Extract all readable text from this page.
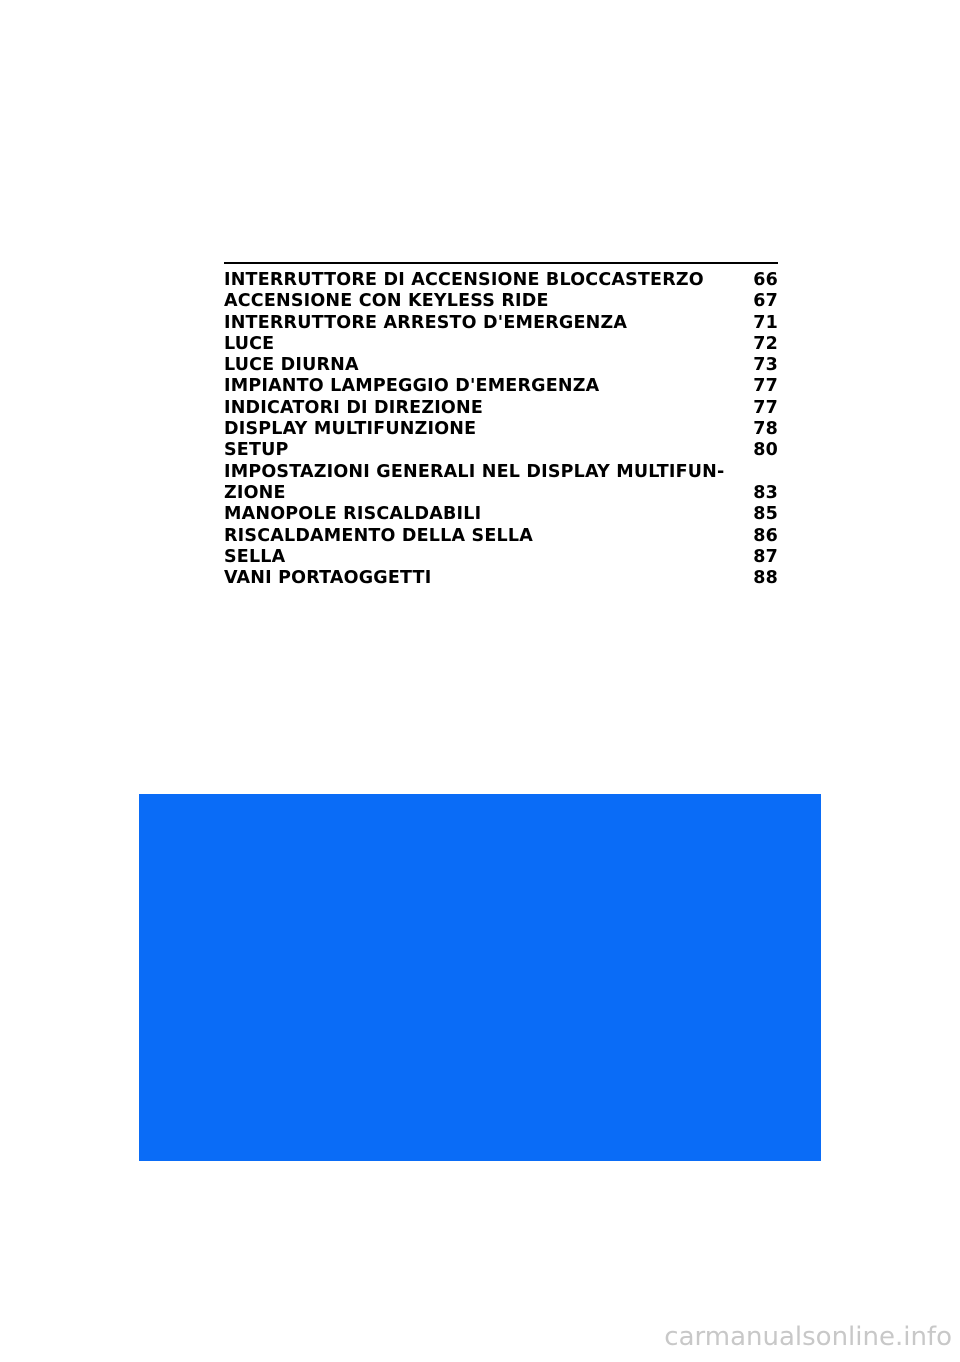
INTERRUTTORE DI ACCENSIONE BLOCCASTERZO	66
ACCENSIONE CON KEYLESS RIDE	67
INTERRUTTORE ARRESTO D'EMERGENZA	71
LUCE	72
LUCE DIURNA	73
IMPIANTO LAMPEGGIO D'EMERGENZA	77
INDICATORI DI DIREZIONE	77
DISPLAY MULTIFUNZIONE	78
SETUP	80
IMPOSTAZIONI GENERALI NEL DISPLAY MULTIFUN-
ZIONE	83
MANOPOLE RISCALDABILI	85
RISCALDAMENTO DELLA SELLA	86
SELLA	87
VANI PORTAOGGETTI	88
carmanualsonline.info
